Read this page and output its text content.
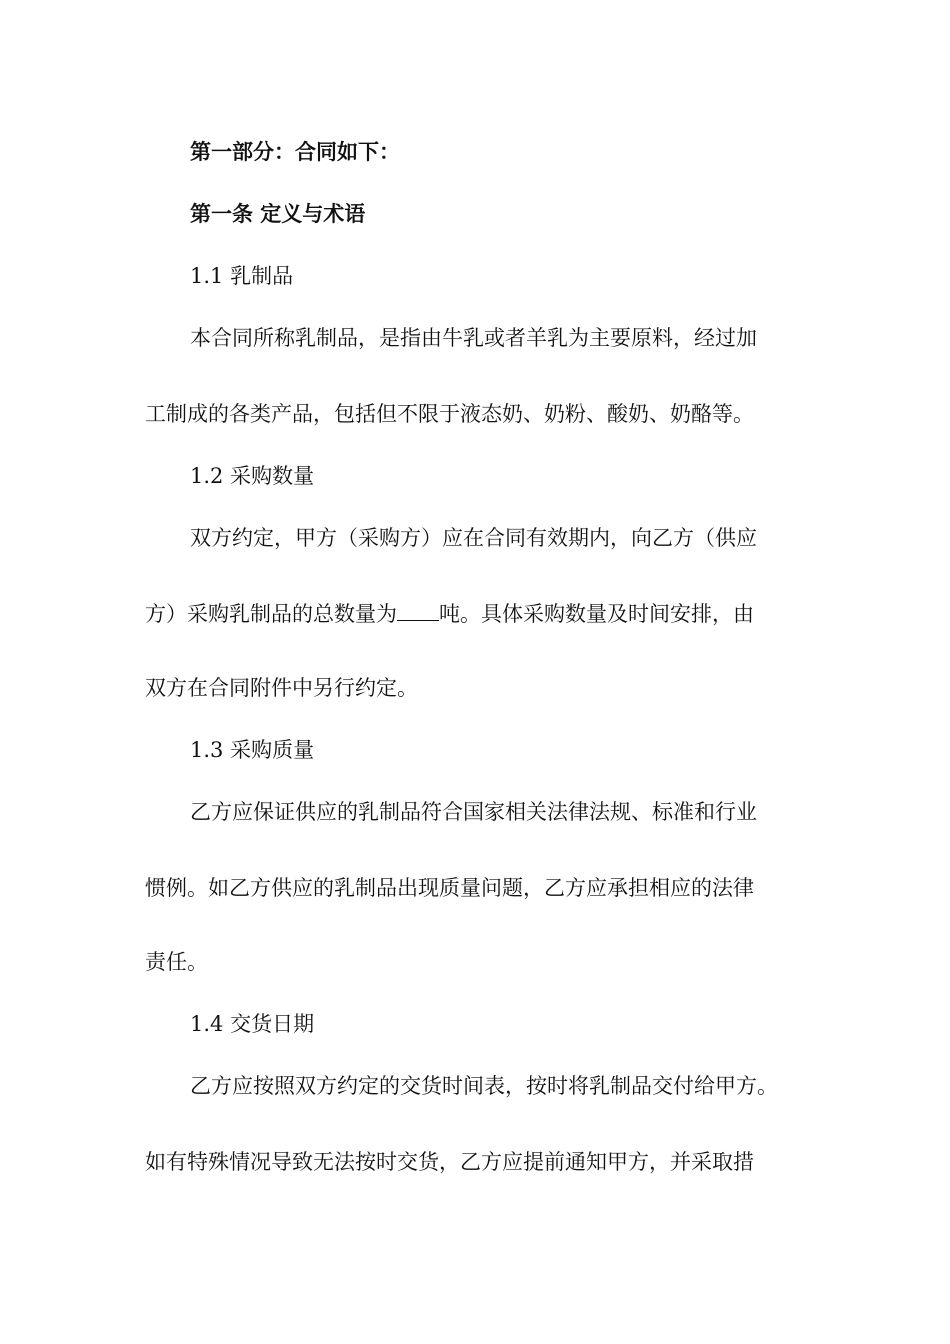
第一部分：合同如下：
第一条 定义与术语
1.1 乳制品
本合同所称乳制品，是指由牛乳或者羊乳为主要原料，经过加
工制成的各类产品，包括但不限于液态奶、奶粉、酸奶、奶酪等。
1.2 采购数量
双方约定，甲方（采购方）应在合同有效期内，向乙方（供应
方）采购乳制品的总数量为 吨。具体采购数量及时间安排，由
双方在合同附件中另行约定。
1.3 采购质量
乙方应保证供应的乳制品符合国家相关法律法规、标准和行业
惯例。如乙方供应的乳制品出现质量问题，乙方应承担相应的法律
责任。
1.4 交货日期
乙方应按照双方约定的交货时间表，按时将乳制品交付给甲方。
如有特殊情况导致无法按时交货，乙方应提前通知甲方，并采取措
